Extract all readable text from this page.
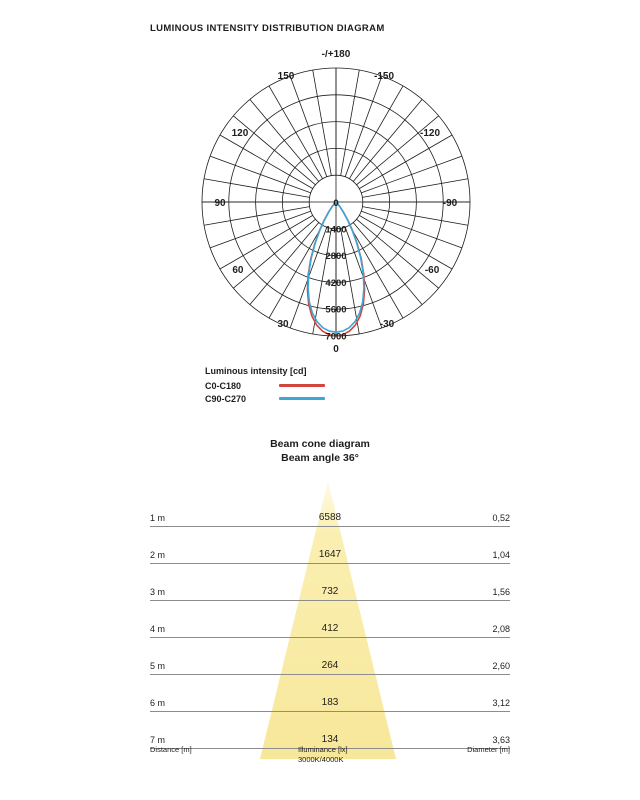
LUMINOUS INTENSITY DISTRIBUTION DIAGRAM
1400
2800
4200
5600
7000
0
0
30
60
90
120
150
-/+180
-150
-120
-90
-60
-30
Luminous intensity [cd]
C0-C180
C90-C270
Beam cone diagram
Beam angle 36°
1 m	6588	0,52
2 m	1647	1,04
3 m	732	1,56
4 m	412	2,08
5 m	264	2,60
6 m	183	3,12
7 m	134	3,63
Distance [m]	Illuminance [lx]
3000K/4000K
Diameter [m]
